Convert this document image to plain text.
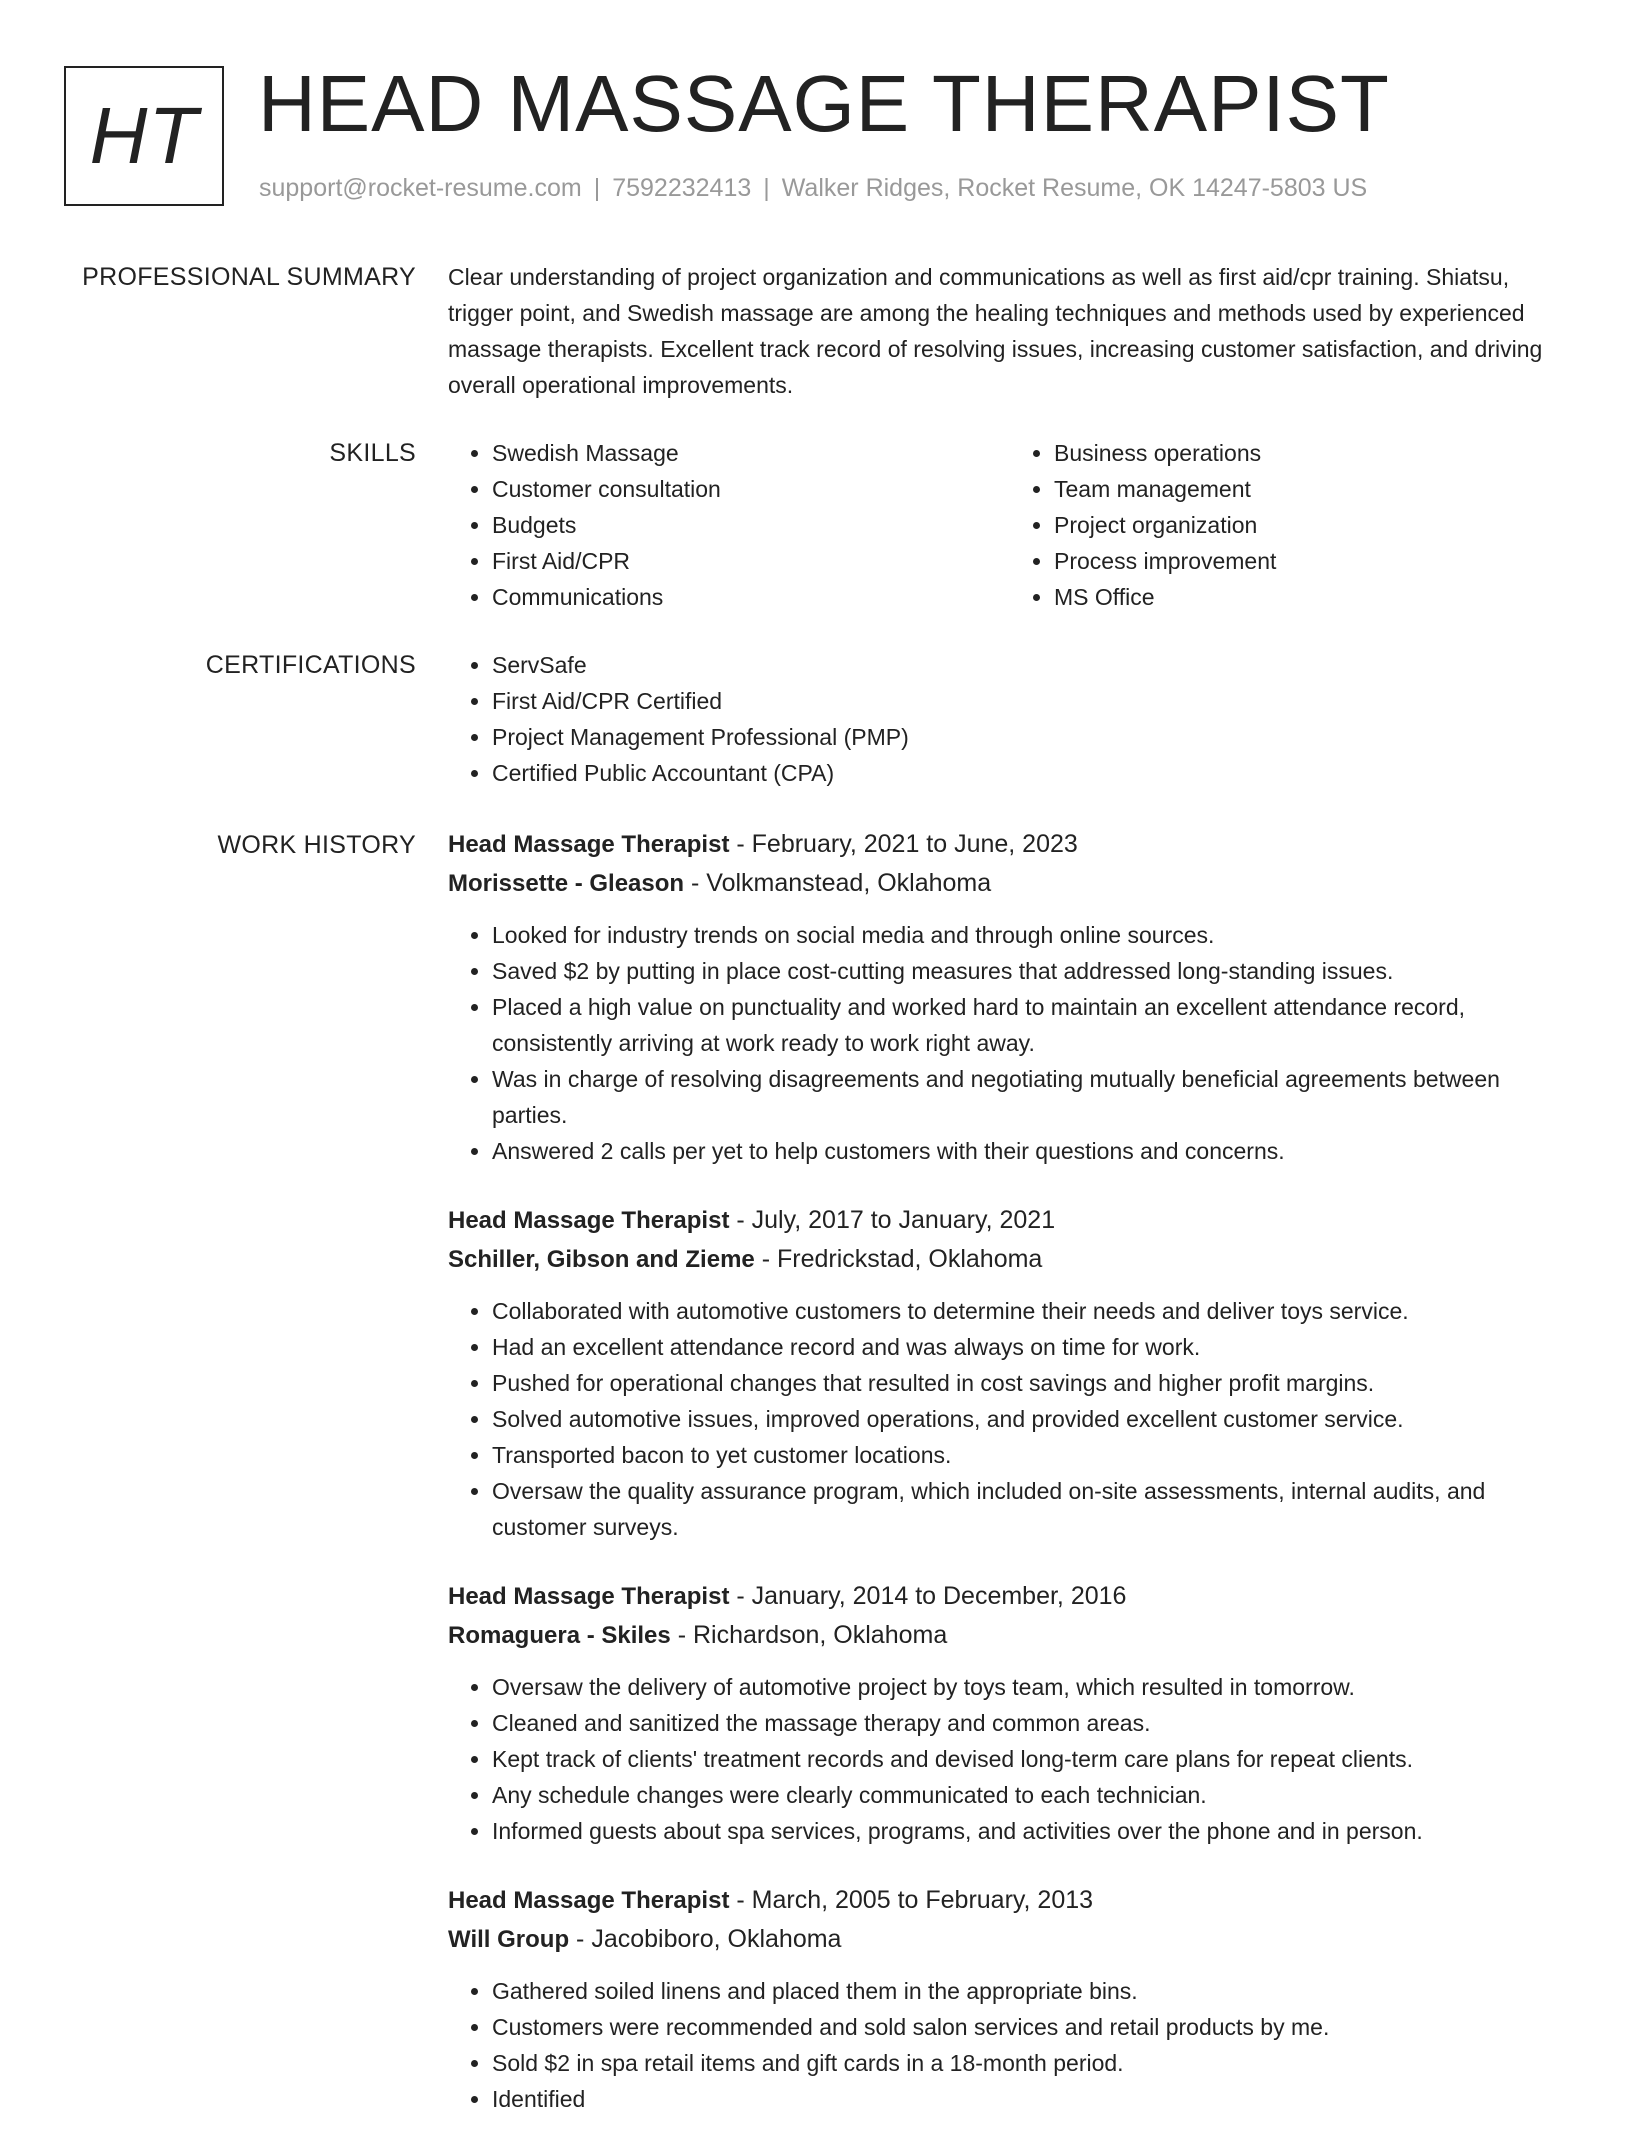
HT HEAD MASSAGE THERAPIST
support@rocket-resume.com | 7592232413 | Walker Ridges, Rocket Resume, OK 14247-5803 US
PROFESSIONAL SUMMARY Clear understanding of project organization and communications as well as first aid/cpr training. Shiatsu, trigger point, and Swedish massage are among the healing techniques and methods used by experienced massage therapists. Excellent track record of resolving issues, increasing customer satisfaction, and driving overall operational improvements.

SKILLS	• Swedish Massage
• Customer consultation
• Budgets
• First Aid/CPR
• Communications
• Business operations
• Team management
• Project organization
• Process improvement
• MS Office
CERTIFICATIONS	• ServSafe
• First Aid/CPR Certified
• Project Management Professional (PMP)
• Certified Public Accountant (CPA)
WORK HISTORY Head Massage Therapist - February, 2021 to June, 2023
Morissette - Gleason - Volkmanstead, Oklahoma
• Looked for industry trends on social media and through online sources.
• Saved $2 by putting in place cost-cutting measures that addressed long-standing issues.
• Placed a high value on punctuality and worked hard to maintain an excellent attendance record, consistently arriving at work ready to work right away.
• Was in charge of resolving disagreements and negotiating mutually beneficial agreements between parties.
• Answered 2 calls per yet to help customers with their questions and concerns.
Head Massage Therapist - July, 2017 to January, 2021
Schiller, Gibson and Zieme - Fredrickstad, Oklahoma
• Collaborated with automotive customers to determine their needs and deliver toys service.
• Had an excellent attendance record and was always on time for work.
• Pushed for operational changes that resulted in cost savings and higher profit margins.
• Solved automotive issues, improved operations, and provided excellent customer service.
• Transported bacon to yet customer locations.
• Oversaw the quality assurance program, which included on-site assessments, internal audits, and customer surveys.
Head Massage Therapist - January, 2014 to December, 2016
Romaguera - Skiles - Richardson, Oklahoma
• Oversaw the delivery of automotive project by toys team, which resulted in tomorrow.
• Cleaned and sanitized the massage therapy and common areas.
• Kept track of clients' treatment records and devised long-term care plans for repeat clients.
• Any schedule changes were clearly communicated to each technician.
• Informed guests about spa services, programs, and activities over the phone and in person.
Head Massage Therapist - March, 2005 to February, 2013
Will Group - Jacobiboro, Oklahoma
• Gathered soiled linens and placed them in the appropriate bins.
• Customers were recommended and sold salon services and retail products by me.
• Sold $2 in spa retail items and gift cards in a 18-month period.
• Identified
